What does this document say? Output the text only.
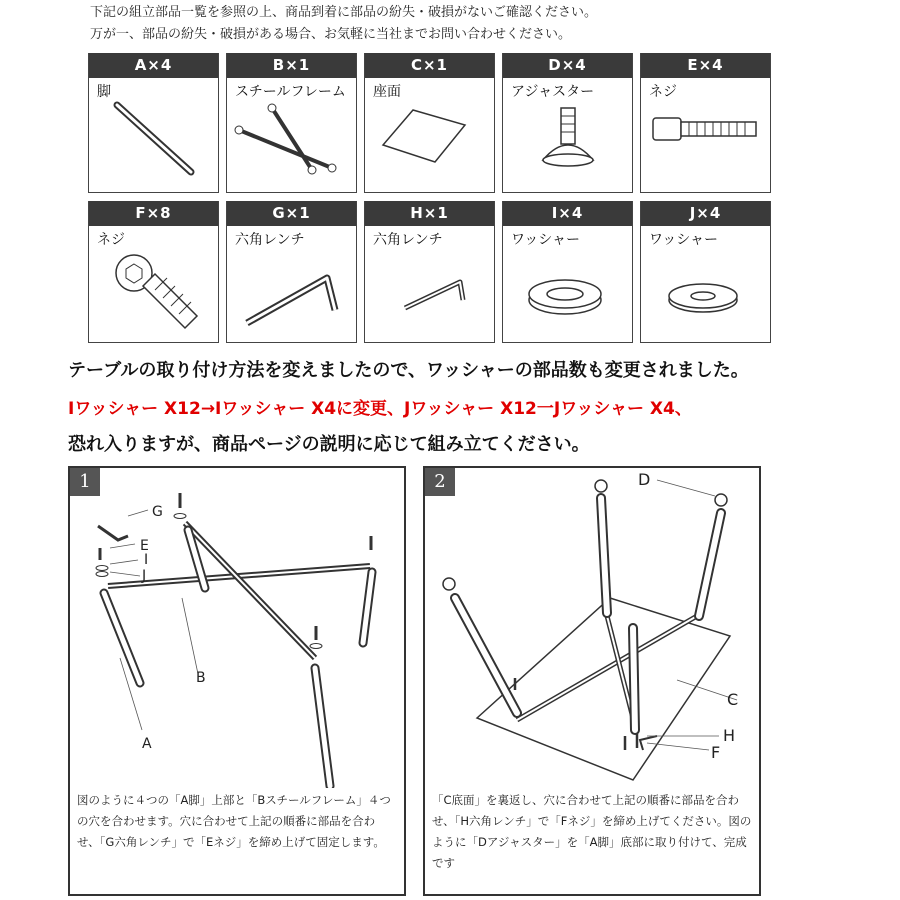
下記の組立部品一覧を参照の上、商品到着に部品の紛失・破損がないご確認ください。
万が一、部品の紛失・破損がある場合、お気軽に当社までお問い合わせください。
A×4
脚
B×1
スチールフレーム
C×1
座面
D×4
アジャスター
E×4
ネジ
F×8
ネジ
G×1
六角レンチ
H×1
六角レンチ
I×4
ワッシャー
J×4
ワッシャー
テーブルの取り付け方法を変えましたので、ワッシャーの部品数も変更されました。
Iワッシャー X12→Iワッシャー X4に変更、Jワッシャー X12一Jワッシャー X4、
恐れ入りますが、商品ページの説明に応じて組み立てください。
1
G
E
I
J
B
A
図のように４つの「A脚」上部と「Bスチールフレーム」４つの穴を合わせます。穴に合わせて上記の順番に部品を合わせ、「G六角レンチ」で「Eネジ」を締め上げて固定します。
2	D
C
H
F
「C底面」を裏返し、穴に合わせて上記の順番に部品を合わせ、「H六角レンチ」で「Fネジ」を締め上げてください。図のように「Dアジャスター」を「A脚」底部に取り付けて、完成です
